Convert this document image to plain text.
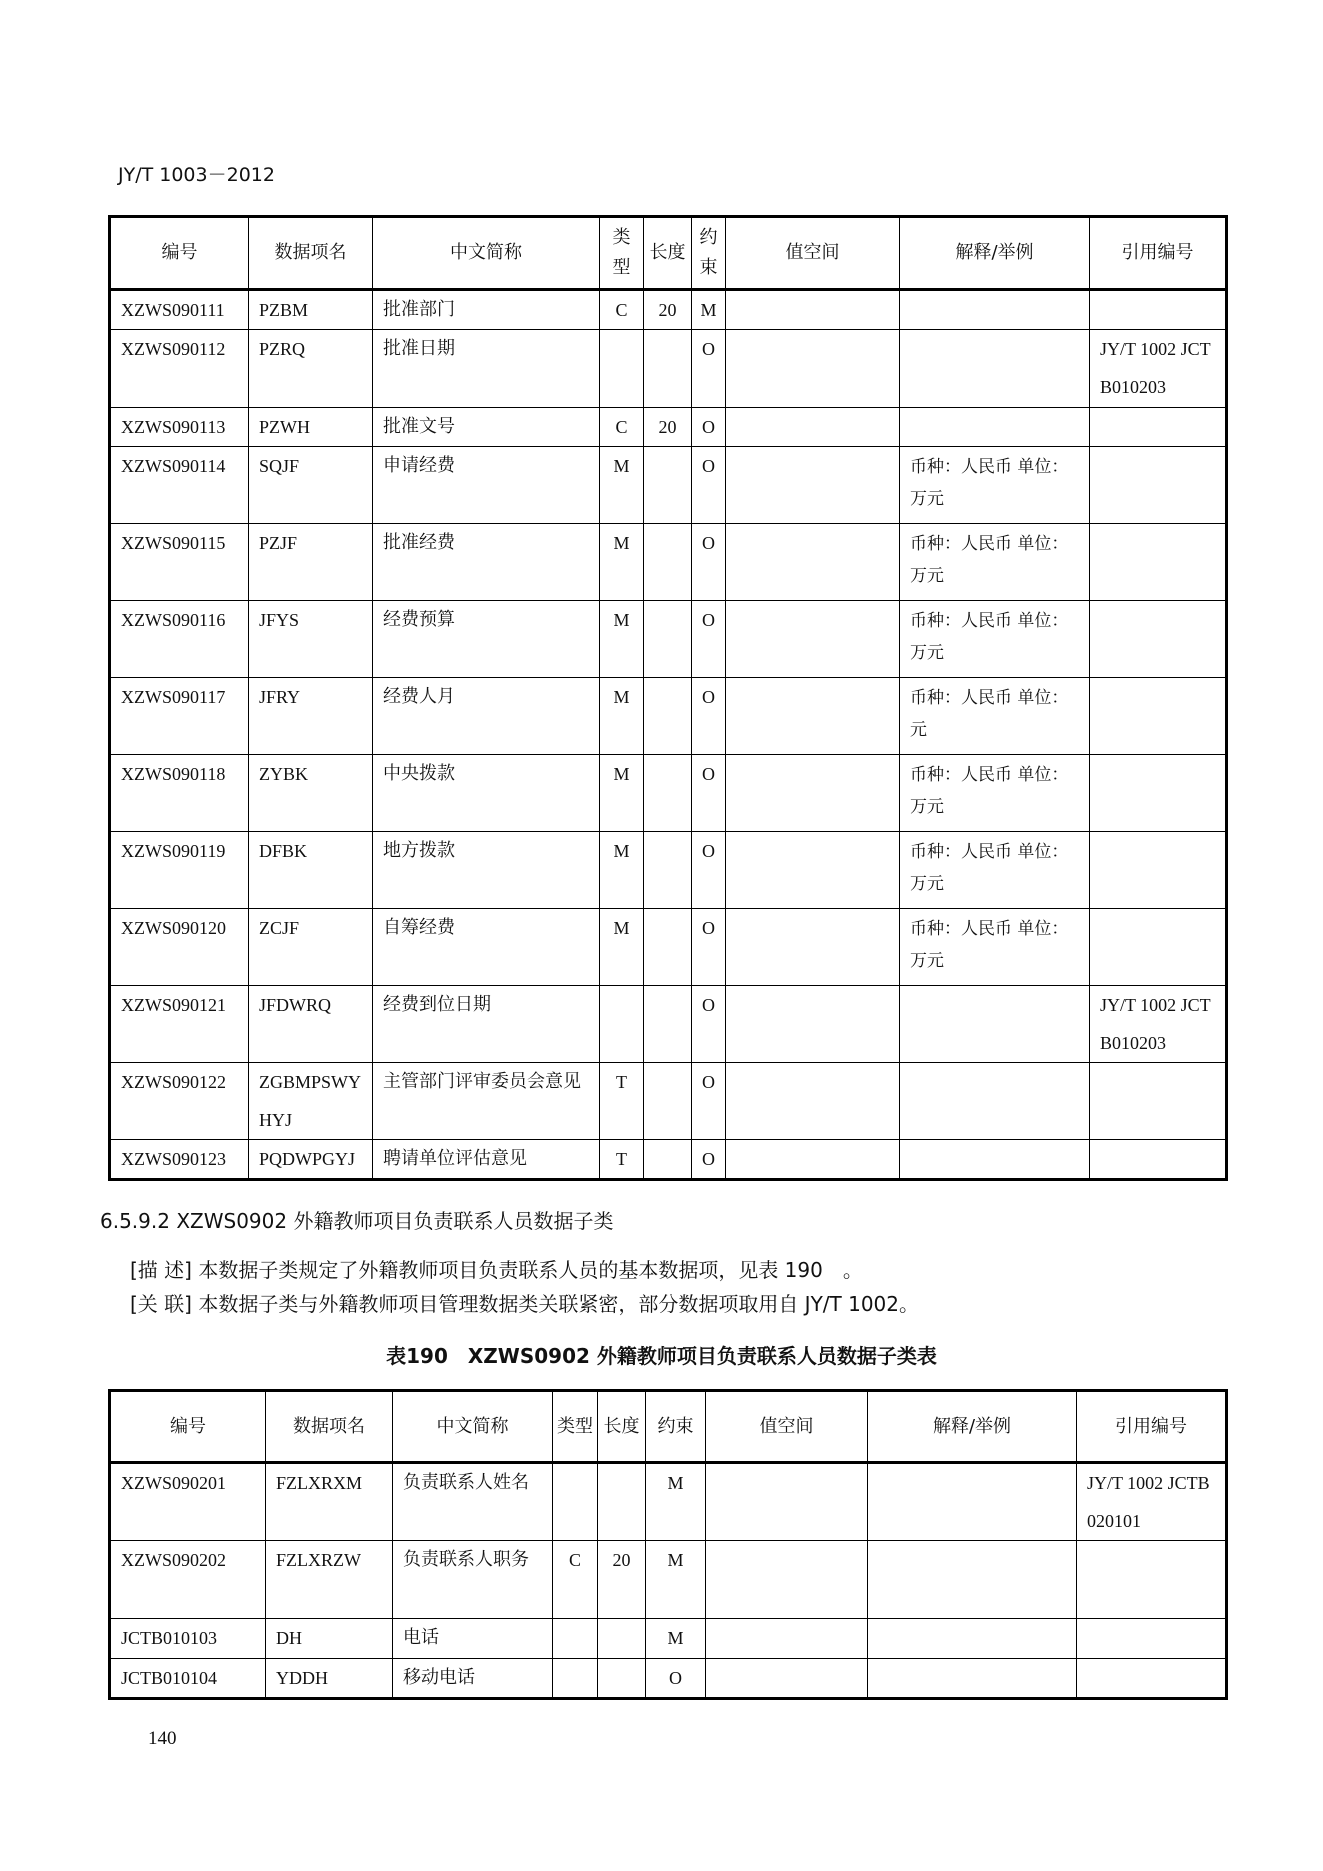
JY/T 1003－2012
编号	数据项名	中文简称	类型	长度	约束	值空间	解释/举例	引用编号
XZWS090111	PZBM	批准部门	C	20	M			
XZWS090112	PZRQ	批准日期			O			JY/T 1002 JCTB010203
XZWS090113	PZWH	批准文号	C	20	O			
XZWS090114	SQJF	申请经费	M		O		币种：人民币 单位：万元	
XZWS090115	PZJF	批准经费	M		O		币种：人民币 单位：万元	
XZWS090116	JFYS	经费预算	M		O		币种：人民币 单位：万元	
XZWS090117	JFRY	经费人月	M		O		币种：人民币 单位：元	
XZWS090118	ZYBK	中央拨款	M		O		币种：人民币 单位：万元	
XZWS090119	DFBK	地方拨款	M		O		币种：人民币 单位：万元	
XZWS090120	ZCJF	自筹经费	M		O		币种：人民币 单位：万元	
XZWS090121	JFDWRQ	经费到位日期			O			JY/T 1002 JCTB010203
XZWS090122	ZGBMPSWYHYJ	主管部门评审委员会意见	T		O			
XZWS090123	PQDWPGYJ	聘请单位评估意见	T		O			
6.5.9.2 XZWS0902 外籍教师项目负责联系人员数据子类
[描 述] 本数据子类规定了外籍教师项目负责联系人员的基本数据项，见表 190　。
[关 联] 本数据子类与外籍教师项目管理数据类关联紧密，部分数据项取用自 JY/T 1002。
表190　XZWS0902 外籍教师项目负责联系人员数据子类表
编号	数据项名	中文简称	类型	长度	约束	值空间	解释/举例	引用编号
XZWS090201	FZLXRXM	负责联系人姓名			M			JY/T 1002 JCTB020101
XZWS090202	FZLXRZW	负责联系人职务	C	20	M			
JCTB010103	DH	电话			M			
JCTB010104	YDDH	移动电话			O			
140
